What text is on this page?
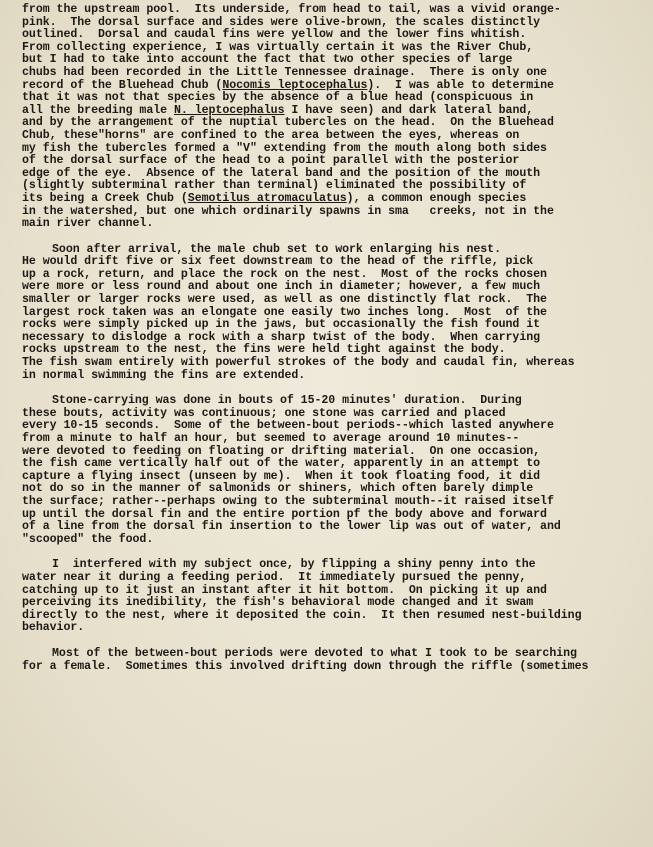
from the upstream pool.  Its underside, from head to tail, was a vivid orange-
pink.  The dorsal surface and sides were olive-brown, the scales distinctly
outlined.  Dorsal and caudal fins were yellow and the lower fins whitish.
From collecting experience, I was virtually certain it was the River Chub,
but I had to take into account the fact that two other species of large
chubs had been recorded in the Little Tennessee drainage.  There is only one
record of the Bluehead Chub (Nocomis leptocephalus).  I was able to determine
that it was not that species by the absence of a blue head (conspicuous in
all the breeding male N. leptocephalus I have seen) and dark lateral band,
and by the arrangement of the nuptial tubercles on the head.  On the Bluehead
Chub, these"horns" are confined to the area between the eyes, whereas on
my fish the tubercles formed a "V" extending from the mouth along both sides
of the dorsal surface of the head to a point parallel with the posterior
edge of the eye.  Absence of the lateral band and the position of the mouth
(slightly subterminal rather than terminal) eliminated the possibility of
its being a Creek Chub (Semotilus atromaculatus), a common enough species
in the watershed, but one which ordinarily spawns in sma   creeks, not in the
main river channel.
Soon after arrival, the male chub set to work enlarging his nest.
He would drift five or six feet downstream to the head of the riffle, pick
up a rock, return, and place the rock on the nest.  Most of the rocks chosen
were more or less round and about one inch in diameter; however, a few much
smaller or larger rocks were used, as well as one distinctly flat rock.  The
largest rock taken was an elongate one easily two inches long.  Most  of the
rocks were simply picked up in the jaws, but occasionally the fish found it
necessary to dislodge a rock with a sharp twist of the body.  When carrying
rocks upstream to the nest, the fins were held tight against the body.
The fish swam entirely with powerful strokes of the body and caudal fin, whereas
in normal swimming the fins are extended.
Stone-carrying was done in bouts of 15-20 minutes' duration.  During
these bouts, activity was continuous; one stone was carried and placed
every 10-15 seconds.  Some of the between-bout periods--which lasted anywhere
from a minute to half an hour, but seemed to average around 10 minutes--
were devoted to feeding on floating or drifting material.  On one occasion,
the fish came vertically half out of the water, apparently in an attempt to
capture a flying insect (unseen by me).  When it took floating food, it did
not do so in the manner of salmonids or shiners, which often barely dimple
the surface; rather--perhaps owing to the subterminal mouth--it raised itself
up until the dorsal fin and the entire portion pf the body above and forward
of a line from the dorsal fin insertion to the lower lip was out of water, and
"scooped" the food.
I  interfered with my subject once, by flipping a shiny penny into the
water near it during a feeding period.  It immediately pursued the penny,
catching up to it just an instant after it hit bottom.  On picking it up and
perceiving its inedibility, the fish's behavioral mode changed and it swam
directly to the nest, where it deposited the coin.  It then resumed nest-building
behavior.
Most of the between-bout periods were devoted to what I took to be searching
for a female.  Sometimes this involved drifting down through the riffle (sometimes
